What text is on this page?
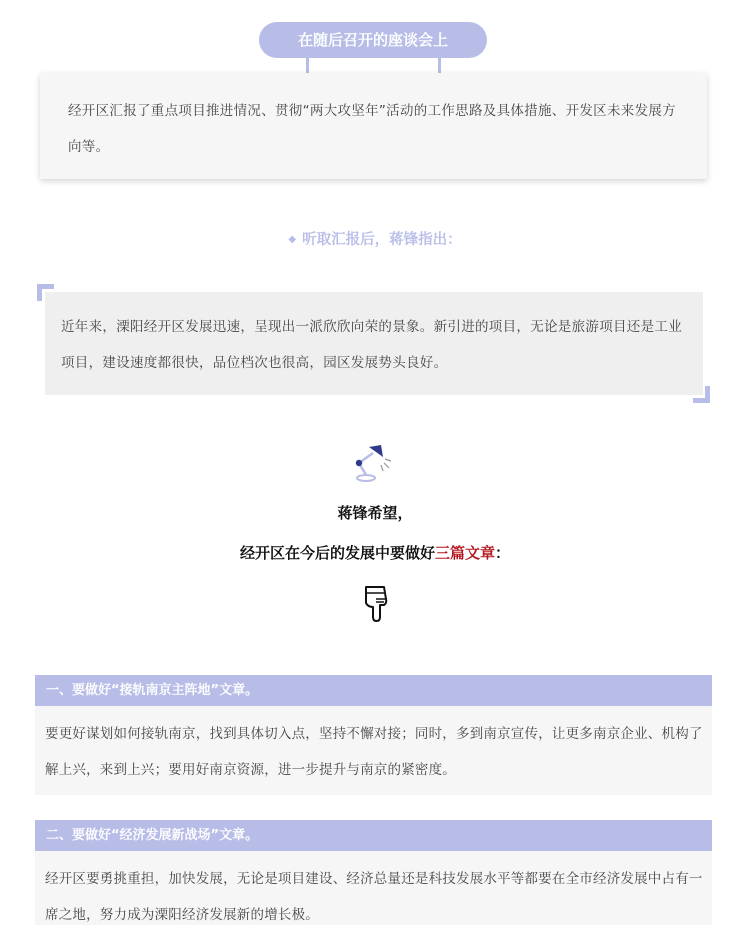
在随后召开的座谈会上
经开区汇报了重点项目推进情况、贯彻“两大攻坚年”活动的工作思路及具体措施、开发区未来发展方向等。
◆ 听取汇报后，蒋锋指出：
近年来，溧阳经开区发展迅速，呈现出一派欣欣向荣的景象。新引进的项目，无论是旅游项目还是工业项目，建设速度都很快，品位档次也很高，园区发展势头良好。
蒋锋希望，
经开区在今后的发展中要做好三篇文章：
一、要做好“接轨南京主阵地”文章。
要更好谋划如何接轨南京，找到具体切入点，坚持不懈对接；同时，多到南京宣传，让更多南京企业、机构了解上兴，来到上兴；要用好南京资源，进一步提升与南京的紧密度。
二、要做好“经济发展新战场”文章。
经开区要勇挑重担，加快发展，无论是项目建设、经济总量还是科技发展水平等都要在全市经济发展中占有一席之地，努力成为溧阳经济发展新的增长极。
